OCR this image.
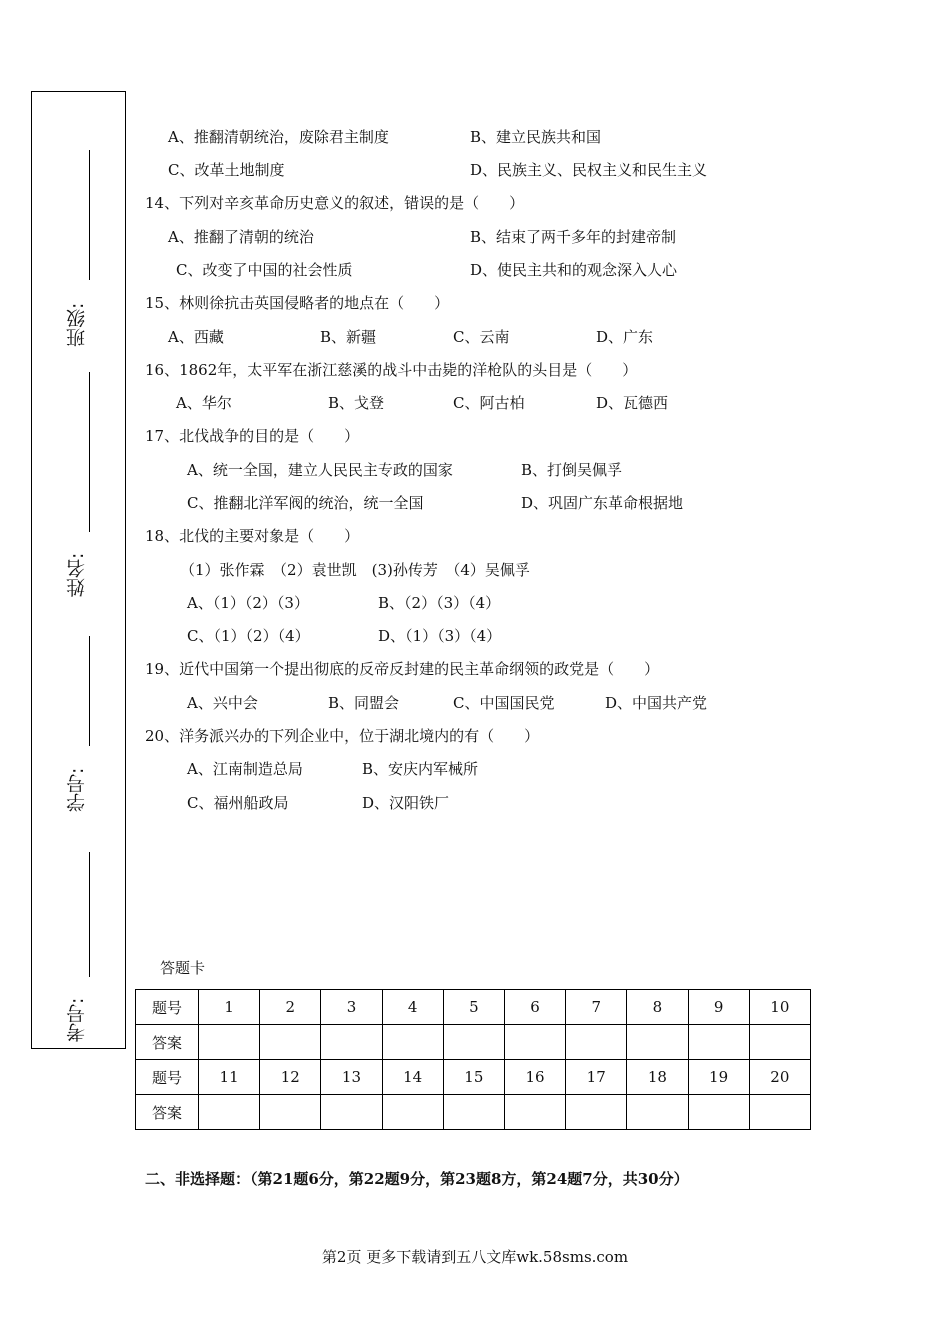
班级:
姓名:
学号:
考号:
A、推翻清朝统治，废除君主制度	B、建立民族共和国
C、改革土地制度	D、民族主义、民权主义和民生主义
14、下列对辛亥革命历史意义的叙述，错误的是（　　）
A、推翻了清朝的统治	B、结束了两千多年的封建帝制
C、改变了中国的社会性质	D、使民主共和的观念深入人心
15、林则徐抗击英国侵略者的地点在（　　）
A、西藏	B、新疆	C、云南	D、广东
16、1862年，太平军在浙江慈溪的战斗中击毙的洋枪队的头目是（　　）
A、华尔	B、戈登	C、阿古柏	D、瓦德西
17、北伐战争的目的是（　　）
A、统一全国，建立人民民主专政的国家	B、打倒吴佩孚
C、推翻北洋军阀的统治，统一全国	D、巩固广东革命根据地
18、北伐的主要对象是（　　）
（1）张作霖　（2）袁世凯　(3)孙传芳　（4）吴佩孚
A、（1）（2）（3）	B、（2）（3）（4）
C、（1）（2）（4）	D、（1）（3）（4）
19、近代中国第一个提出彻底的反帝反封建的民主革命纲领的政党是（　　）
A、兴中会	B、同盟会	C、中国国民党	D、中国共产党
20、洋务派兴办的下列企业中，位于湖北境内的有（　　）
A、江南制造总局	B、安庆内军械所
C、福州船政局	D、汉阳铁厂
答题卡
题号	1	2	3	4	5	6	7	8	9	10
答案										
题号	11	12	13	14	15	16	17	18	19	20
答案										
二、非选择题：（第21题6分，第22题9分，第23题8方，第24题7分，共30分）
第2页 更多下载请到五八文库wk.58sms.com
